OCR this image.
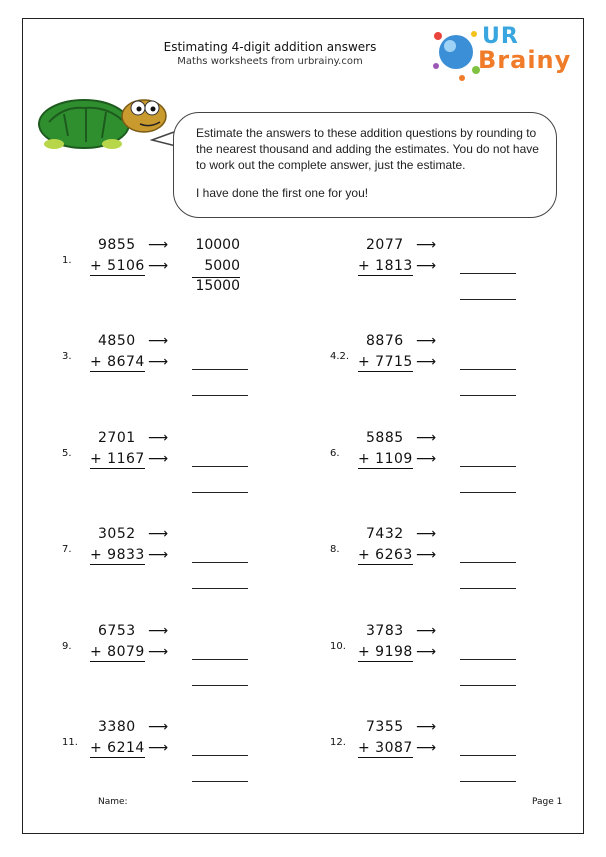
Estimating 4-digit addition answers
Maths worksheets from urbrainy.com
UR
Brainy

Estimate the answers to these addition questions by rounding to the nearest thousand and adding the estimates. You do not have to work out the complete answer, just the estimate.

I have done the first one for you!

1.
9855
+ 5106
⟶
⟶
10000
5000
15000
2077
+ 1813
⟶
⟶
3.
4850
+ 8674
⟶
⟶	4.2.
8876
+ 7715
⟶
⟶
5.
2701
+ 1167
⟶
⟶	6.
5885
+ 1109
⟶
⟶
7.
3052
+ 9833
⟶
⟶	8.
7432
+ 6263
⟶
⟶
9.
6753
+ 8079
⟶
⟶	10.
3783
+ 9198
⟶
⟶
11.
3380
+ 6214
⟶
⟶	12.
7355
+ 3087
⟶
⟶
Name:	Page 1
